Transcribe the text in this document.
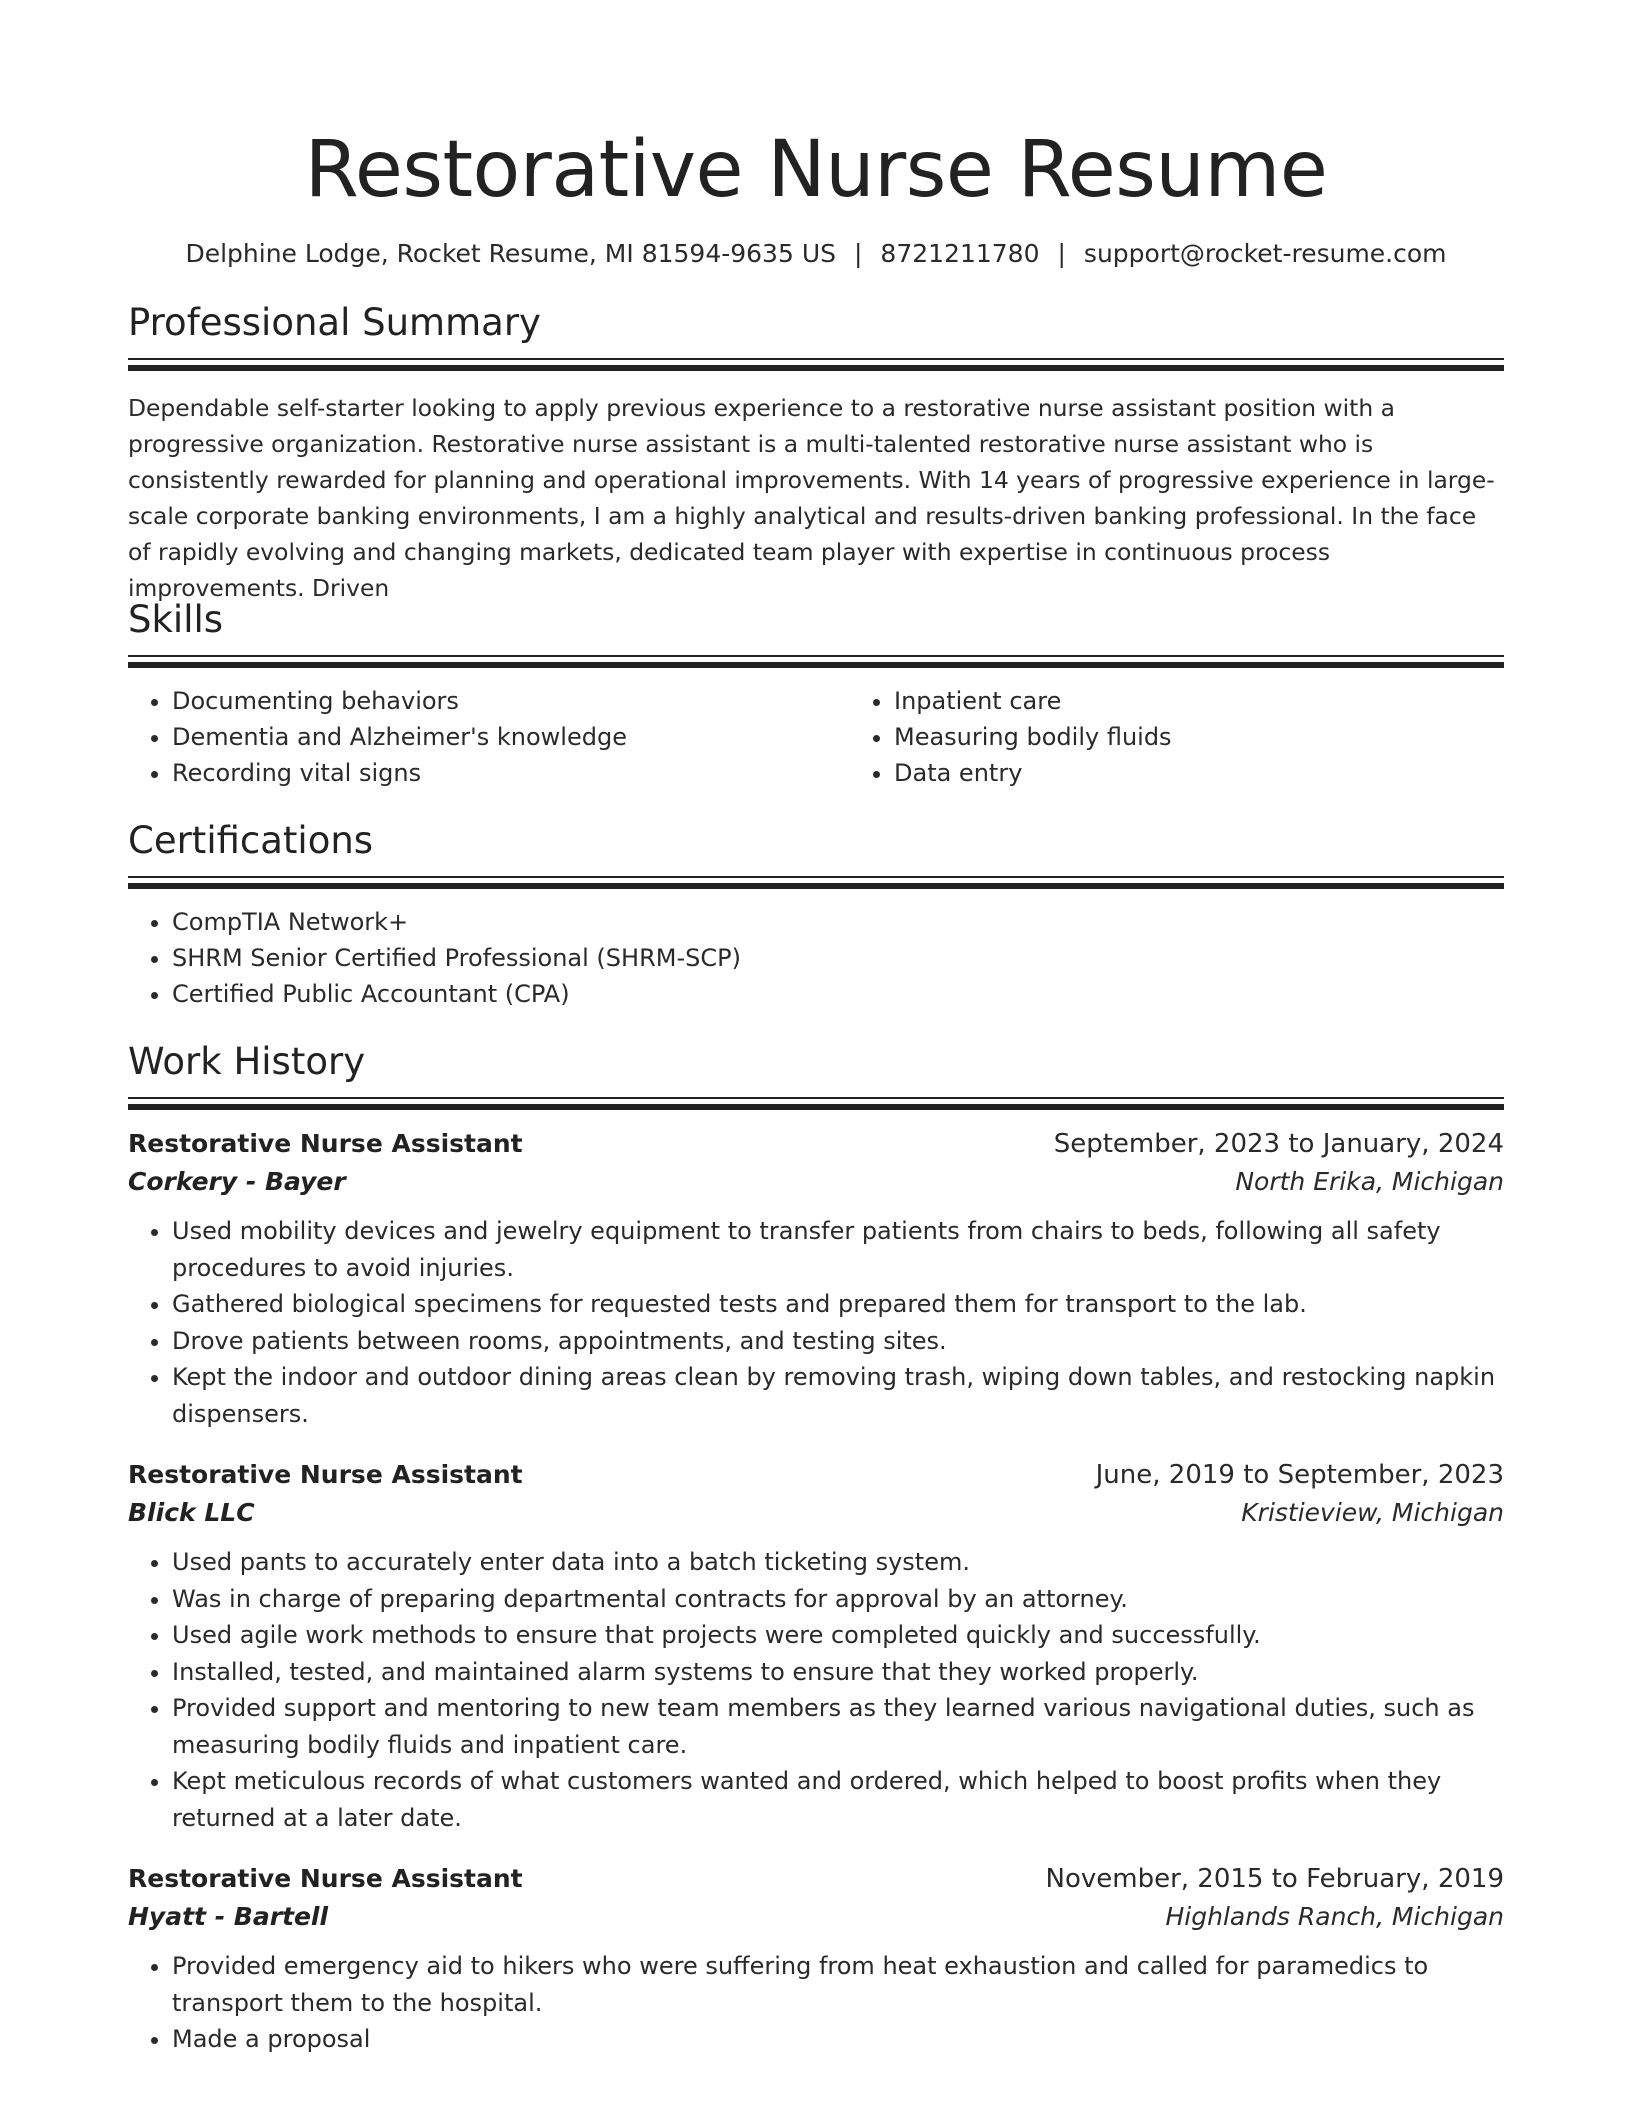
Restorative Nurse Resume
Delphine Lodge, Rocket Resume, MI 81594-9635 US | 8721211780 | support@rocket-resume.com
Professional Summary

Dependable self-starter looking to apply previous experience to a restorative nurse assistant position with a progressive organization. Restorative nurse assistant is a multi-talented restorative nurse assistant who is consistently rewarded for planning and operational improvements. With 14 years of progressive experience in large-scale corporate banking environments, I am a highly analytical and results-driven banking professional. In the face of rapidly evolving and changing markets, dedicated team player with expertise in continuous process improvements. Driven

Skills
• Documenting behaviors
• Dementia and Alzheimer's knowledge
• Recording vital signs
• Inpatient care
• Measuring bodily fluids
• Data entry
Certifications
• CompTIA Network+
• SHRM Senior Certified Professional (SHRM-SCP)
• Certified Public Accountant (CPA)
Work History
Restorative Nurse Assistant	September, 2023 to January, 2024
Corkery - Bayer	North Erika, Michigan
• Used mobility devices and jewelry equipment to transfer patients from chairs to beds, following all safety procedures to avoid injuries.
• Gathered biological specimens for requested tests and prepared them for transport to the lab.
• Drove patients between rooms, appointments, and testing sites.
• Kept the indoor and outdoor dining areas clean by removing trash, wiping down tables, and restocking napkin dispensers.
Restorative Nurse Assistant	June, 2019 to September, 2023
Blick LLC	Kristieview, Michigan
• Used pants to accurately enter data into a batch ticketing system.
• Was in charge of preparing departmental contracts for approval by an attorney.
• Used agile work methods to ensure that projects were completed quickly and successfully.
• Installed, tested, and maintained alarm systems to ensure that they worked properly.
• Provided support and mentoring to new team members as they learned various navigational duties, such as measuring bodily fluids and inpatient care.
• Kept meticulous records of what customers wanted and ordered, which helped to boost profits when they returned at a later date.
Restorative Nurse Assistant	November, 2015 to February, 2019
Hyatt - Bartell	Highlands Ranch, Michigan
• Provided emergency aid to hikers who were suffering from heat exhaustion and called for paramedics to transport them to the hospital.
• Made a proposal
